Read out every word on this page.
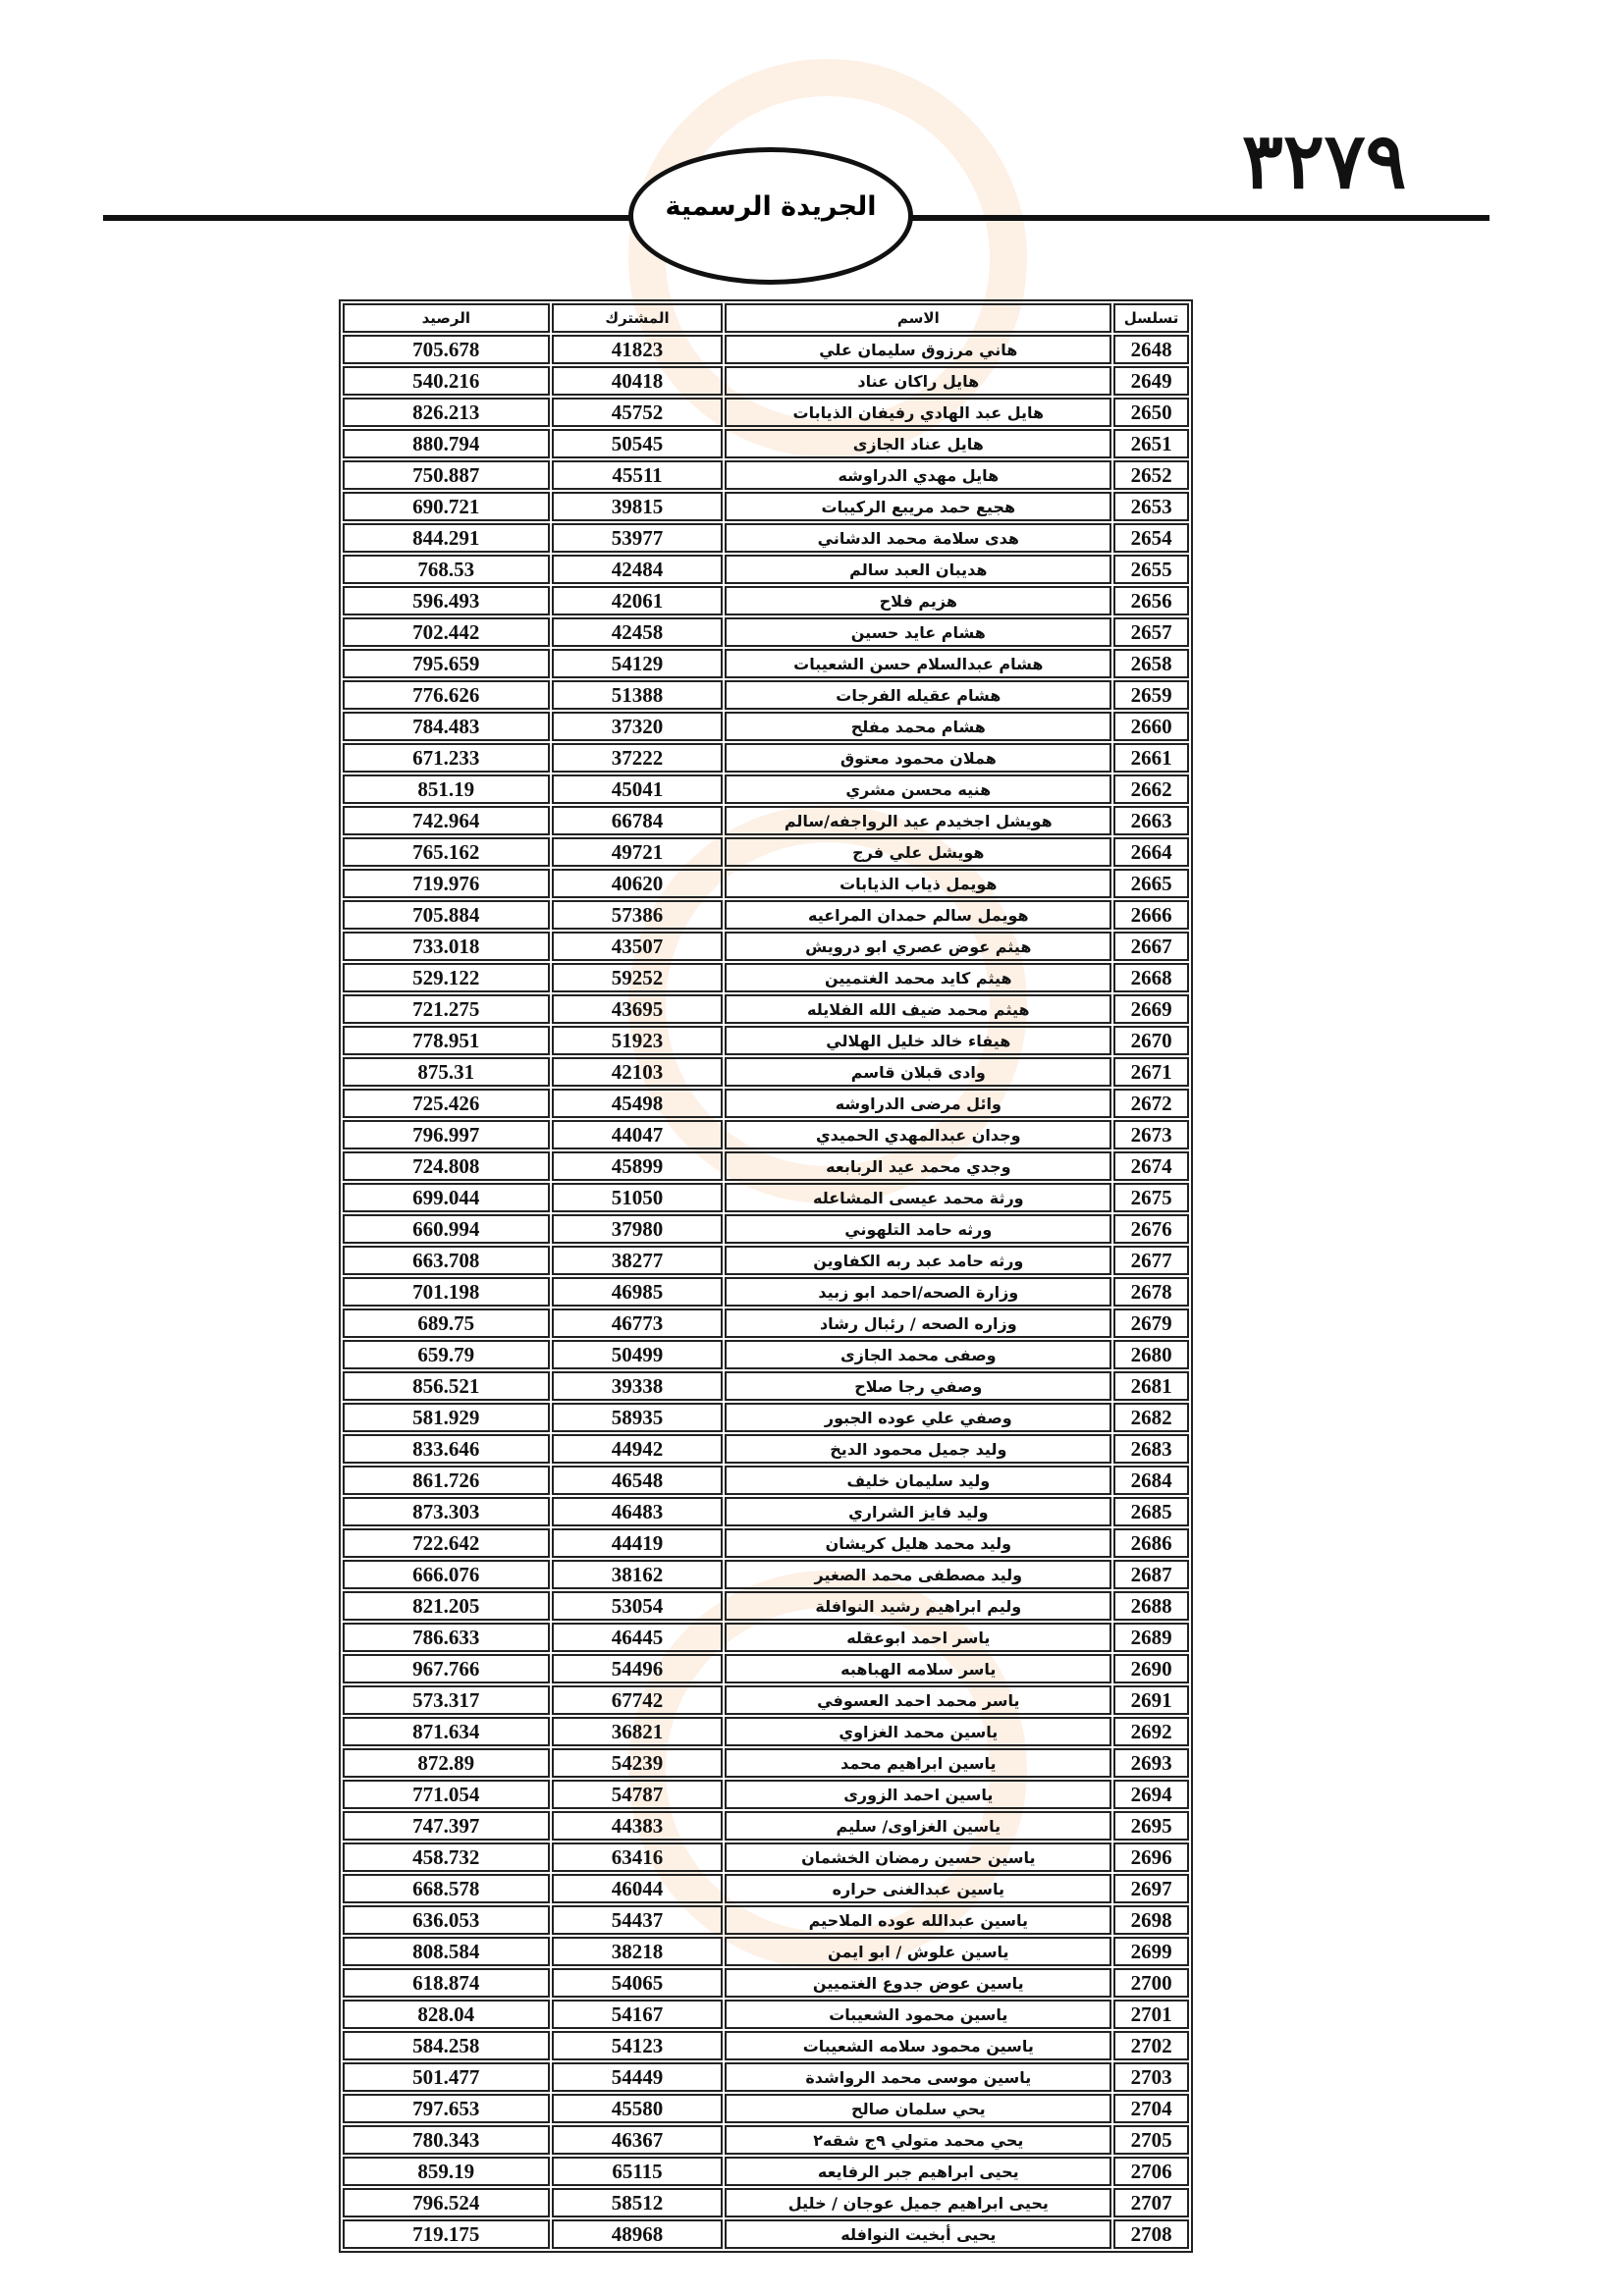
٣٢٧٩
الجريدة الرسمية
تسلسل	الاسم	المشترك	الرصيد
2648	هاني مرزوق سليمان علي	41823	705.678
2649	هايل راكان عناد	40418	540.216
2650	هايل عبد الهادي رفيفان الذيابات	45752	826.213
2651	هايل عناد الجازى	50545	880.794
2652	هايل مهدي الدراوشه	45511	750.887
2653	هجيع حمد مريبع الركيبات	39815	690.721
2654	هدى سلامة محمد الدشاني	53977	844.291
2655	هديبان العبد سالم	42484	768.53
2656	هزيم فلاح	42061	596.493
2657	هشام عايد حسين	42458	702.442
2658	هشام عبدالسلام حسن الشعيبات	54129	795.659
2659	هشام عقيله الفرجات	51388	776.626
2660	هشام محمد مفلح	37320	784.483
2661	هملان محمود معتوق	37222	671.233
2662	هنيه محسن مشري	45041	851.19
2663	هويشل اجخيدم عيد الرواجفه/سالم	66784	742.964
2664	هويشل علي فرج	49721	765.162
2665	هويمل ذياب الذيابات	40620	719.976
2666	هويمل سالم حمدان المراعيه	57386	705.884
2667	هيثم عوض عصري ابو درويش	43507	733.018
2668	هيثم كايد محمد الغتميين	59252	529.122
2669	هيثم محمد ضيف الله الفلايله	43695	721.275
2670	هيفاء خالد خليل الهلالي	51923	778.951
2671	وادى قبلان قاسم	42103	875.31
2672	وائل مرضى الدراوشه	45498	725.426
2673	وجدان عبدالمهدي الحميدي	44047	796.997
2674	وجدي محمد عيد الربابعه	45899	724.808
2675	ورثة محمد عيسى المشاعله	51050	699.044
2676	ورثه حامد التلهوني	37980	660.994
2677	ورثه حامد عبد ربه الكفاوين	38277	663.708
2678	وزارة الصحه/احمد ابو زبيد	46985	701.198
2679	وزاره الصحه / رئبال رشاد	46773	689.75
2680	وصفى محمد الجازى	50499	659.79
2681	وصفي رجا صلاح	39338	856.521
2682	وصفي علي عوده الجبور	58935	581.929
2683	وليد جميل محمود الديخ	44942	833.646
2684	وليد سليمان خليف	46548	861.726
2685	وليد فايز الشراري	46483	873.303
2686	وليد محمد هليل كريشان	44419	722.642
2687	وليد مصطفى محمد الصغير	38162	666.076
2688	وليم ابراهيم رشيد النوافلة	53054	821.205
2689	ياسر احمد ابوعقله	46445	786.633
2690	ياسر سلامه الهباهبه	54496	967.766
2691	ياسر محمد احمد العسوفي	67742	573.317
2692	ياسين محمد الغزاوي	36821	871.634
2693	ياسين ابراهيم محمد	54239	872.89
2694	ياسين احمد الزورى	54787	771.054
2695	ياسين الغزاوى/ سليم	44383	747.397
2696	ياسين حسين رمضان الخشمان	63416	458.732
2697	ياسين عبدالغنى حراره	46044	668.578
2698	ياسين عبدالله عوده الملاحيم	54437	636.053
2699	ياسين علوش / ابو ايمن	38218	808.584
2700	ياسين عوض جدوع الغتميين	54065	618.874
2701	ياسين محمود الشعيبات	54167	828.04
2702	ياسين محمود سلامه الشعيبات	54123	584.258
2703	ياسين موسى محمد الرواشدة	54449	501.477
2704	يحي سلمان صالح	45580	797.653
2705	يحي محمد متولي ٩ج شقه٢	46367	780.343
2706	يحيى ابراهيم جبر الرفايعه	65115	859.19
2707	يحيى ابراهيم جميل عوجان / خليل	58512	796.524
2708	يحيى أبخيت النوافله	48968	719.175
